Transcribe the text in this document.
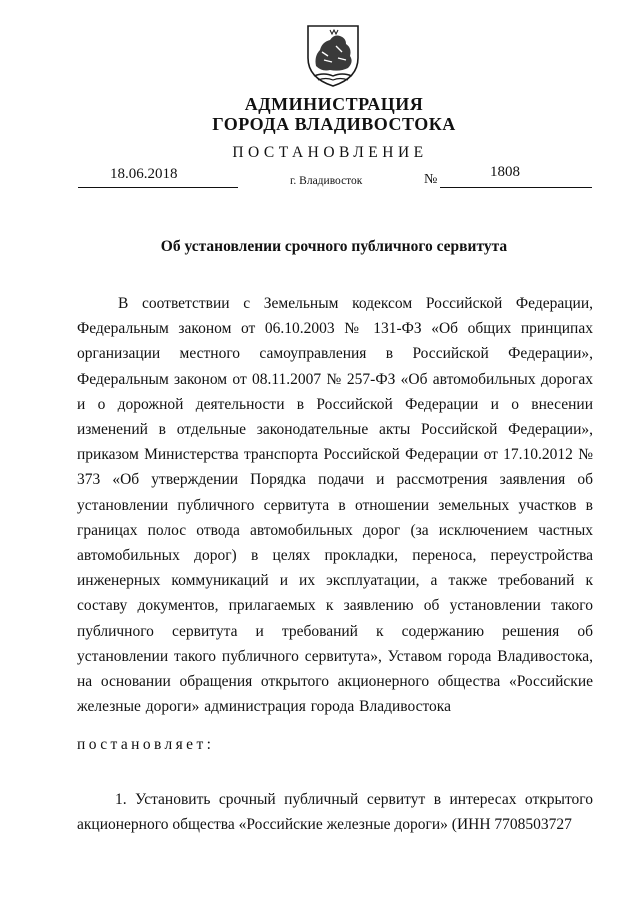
АДМИНИСТРАЦИЯ
ГОРОДА ВЛАДИВОСТОКА
ПОСТАНОВЛЕНИЕ
18.06.2018	г. Владивосток	№	1808
Об установлении срочного публичного сервитута
В соответствии с Земельным кодексом Российской Федерации, Федеральным законом от 06.10.2003 № 131-ФЗ «Об общих принципах организации местного самоуправления в Российской Федерации», Федеральным законом от 08.11.2007 № 257-ФЗ «Об автомобильных дорогах и о дорожной деятельности в Российской Федерации и о внесении изменений в отдельные законодательные акты Российской Федерации», приказом Министерства транспорта Российской Федерации от 17.10.2012 № 373 «Об утверждении Порядка подачи и рассмотрения заявления об установлении публичного сервитута в отношении земельных участков в границах полос отвода автомобильных дорог (за исключением частных автомобильных дорог) в целях прокладки, переноса, переустройства инженерных коммуникаций и их эксплуатации, а также требований к составу документов, прилагаемых к заявлению об установлении такого публичного сервитута и требований к содержанию решения об установлении такого публичного сервитута», Уставом города Владивостока, на основании обращения открытого акционерного общества «Российские железные дороги» администрация города Владивостока
постановляет:
1. Установить срочный публичный сервитут в интересах открытого акционерного общества «Российские железные дороги» (ИНН 7708503727
